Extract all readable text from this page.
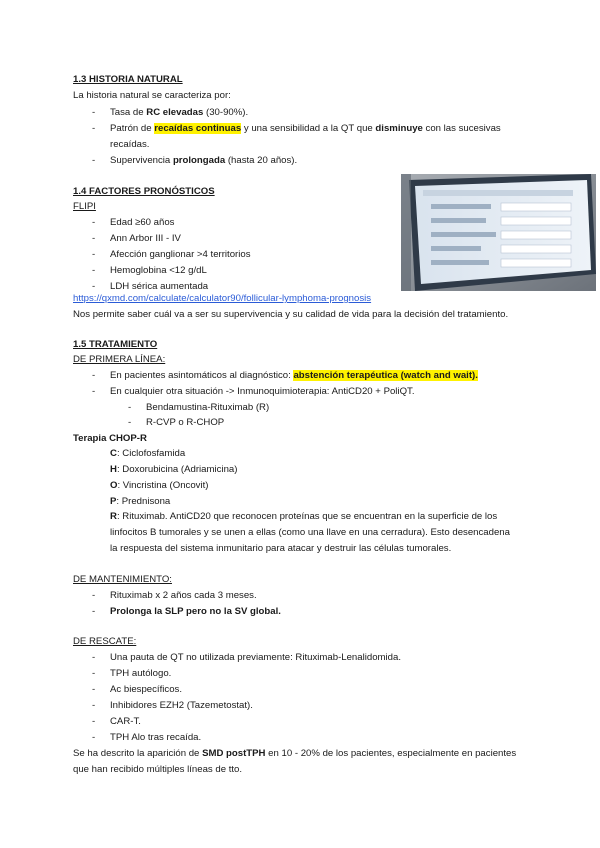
1.3 HISTORIA NATURAL
La historia natural se caracteriza por:
- Tasa de RC elevadas (30-90%).
- Patrón de recaídas continuas y una sensibilidad a la QT que disminuye con las sucesivas
recaídas.
- Supervivencia prolongada (hasta 20 años).
1.4 FACTORES PRONÓSTICOS
FLIPI
- Edad ≥60 años
- Ann Arbor III - IV
- Afección ganglionar >4 territorios
- Hemoglobina <12 g/dL
- LDH sérica aumentada
https://qxmd.com/calculate/calculator90/follicular-lymphoma-prognosis
Nos permite saber cuál va a ser su supervivencia y su calidad de vida para la decisión del tratamiento.
1.5 TRATAMIENTO
DE PRIMERA LÍNEA:
- En pacientes asintomáticos al diagnóstico: abstención terapéutica (watch and wait).
- En cualquier otra situación -> Inmunoquimioterapia: AntiCD20 + PoliQT.
- Bendamustina-Rituximab (R)
- R-CVP o R-CHOP
Terapia CHOP-R
C: Ciclofosfamida
H: Doxorubicina (Adriamicina)
O: Vincristina (Oncovit)
P: Prednisona
R: Rituximab. AntiCD20 que reconocen proteínas que se encuentran en la superficie de los
linfocitos B tumorales y se unen a ellas (como una llave en una cerradura). Esto desencadena
la respuesta del sistema inmunitario para atacar y destruir las células tumorales.
DE MANTENIMIENTO:
- Rituximab x 2 años cada 3 meses.
- Prolonga la SLP pero no la SV global.
DE RESCATE:
- Una pauta de QT no utilizada previamente: Rituximab-Lenalidomida.
- TPH autólogo.
- Ac biespecíficos.
- Inhibidores EZH2 (Tazemetostat).
- CAR-T.
- TPH Alo tras recaída.
Se ha descrito la aparición de SMD postTPH en 10 - 20% de los pacientes, especialmente en pacientes
que han recibido múltiples líneas de tto.
